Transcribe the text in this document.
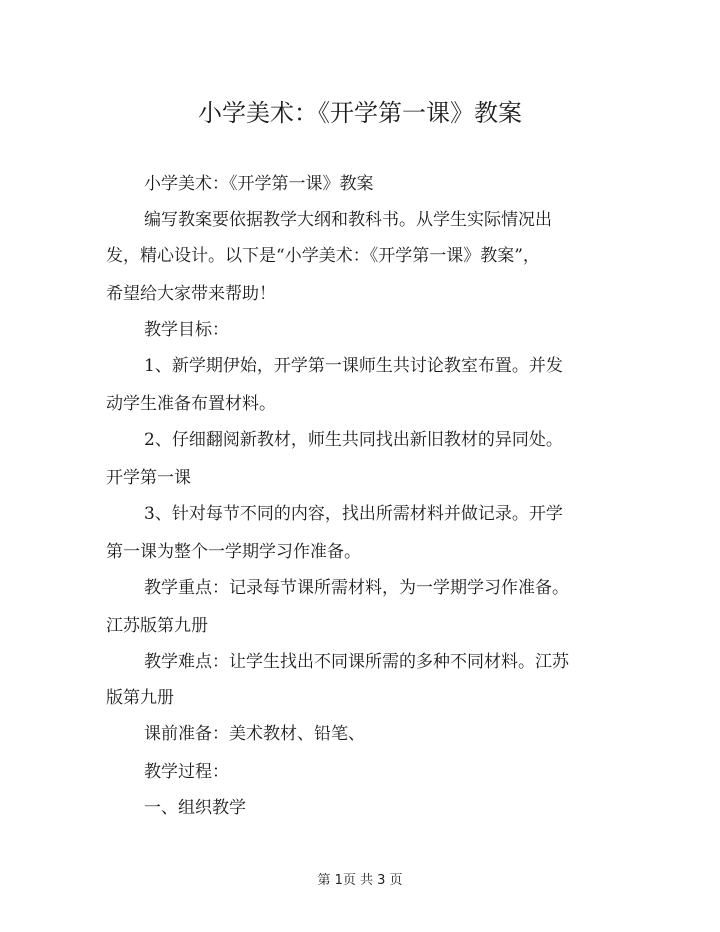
小学美术：《开学第一课》教案
小学美术：《开学第一课》教案
编写教案要依据教学大纲和教科书。从学生实际情况出
发，精心设计。以下是“小学美术：《开学第一课》教案”，
希望给大家带来帮助！
教学目标：
1、新学期伊始，开学第一课师生共讨论教室布置。并发
动学生准备布置材料。
2、仔细翻阅新教材，师生共同找出新旧教材的异同处。
开学第一课
3、针对每节不同的内容，找出所需材料并做记录。开学
第一课为整个一学期学习作准备。
教学重点：记录每节课所需材料，为一学期学习作准备。
江苏版第九册
教学难点：让学生找出不同课所需的多种不同材料。江苏
版第九册
课前准备：美术教材、铅笔、
教学过程：
一、组织教学
第 1页 共 3 页
